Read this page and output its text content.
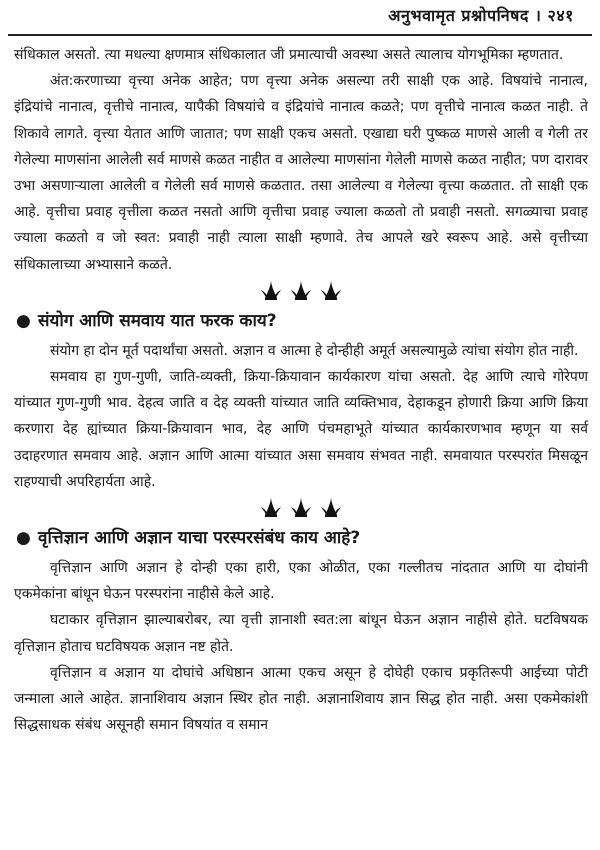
अनुभवामृत प्रश्नोपनिषद । २४१

संधिकाल असतो. त्या मधल्या क्षणमात्र संधिकालात जी प्रमात्याची अवस्था असते त्यालाच योगभूमिका म्हणतात.

अंत:करणाच्या वृत्त्या अनेक आहेत; पण वृत्त्या अनेक असल्या तरी साक्षी एक आहे. विषयांचे नानात्व, इंद्रियांचे नानात्व, वृत्तीचे नानात्व, यापैकी विषयांचे व इंद्रियांचे नानात्व कळते; पण वृत्तीचे नानात्व कळत नाही. ते शिकावे लागते. वृत्त्या येतात आणि जातात; पण साक्षी एकच असतो. एखाद्या घरी पुष्कळ माणसे आली व गेली तर गेलेल्या माणसांना आलेली सर्व माणसे कळत नाहीत व आलेल्या माणसांना गेलेली माणसे कळत नाहीत; पण दारावर उभा असणाऱ्याला आलेली व गेलेली सर्व माणसे कळतात. तसा आलेल्या व गेलेल्या वृत्त्या कळतात. तो साक्षी एक आहे. वृत्तीचा प्रवाह वृत्तीला कळत नसतो आणि वृत्तीचा प्रवाह ज्याला कळतो तो प्रवाही नसतो. सगळ्याचा प्रवाह ज्याला कळतो व जो स्वत: प्रवाही नाही त्याला साक्षी म्हणावे. तेच आपले खरे स्वरूप आहे. असे वृत्तीच्या संधिकालाच्या अभ्यासाने कळते.

● संयोग आणि समवाय यात फरक काय?

संयोग हा दोन मूर्त पदार्थांचा असतो. अज्ञान व आत्मा हे दोन्हीही अमूर्त असल्यामुळे त्यांचा संयोग होत नाही.

समवाय हा गुण-गुणी, जाति-व्यक्ती, क्रिया-क्रियावान कार्यकारण यांचा असतो. देह आणि त्याचे गोरेपण यांच्यात गुण-गुणी भाव. देहत्व जाति व देह व्यक्ती यांच्यात जाति व्यक्तिभाव, देहाकडून होणारी क्रिया आणि क्रिया करणारा देह ह्यांच्यात क्रिया-क्रियावान भाव, देह आणि पंचमहाभूते यांच्यात कार्यकारणभाव म्हणून या सर्व उदाहरणात समवाय आहे. अज्ञान आणि आत्मा यांच्यात असा समवाय संभवत नाही. समवायात परस्परांत मिसळून राहण्याची अपरिहार्यता आहे.

● वृत्तिज्ञान आणि अज्ञान याचा परस्परसंबंध काय आहे?

वृत्तिज्ञान आणि अज्ञान हे दोन्ही एका हारी, एका ओळीत, एका गल्लीतच नांदतात आणि या दोघांनी एकमेकांना बांधून घेऊन परस्परांना नाहीसे केले आहे.

घटाकार वृत्तिज्ञान झाल्याबरोबर, त्या वृत्ती ज्ञानाशी स्वत:ला बांधून घेऊन अज्ञान नाहीसे होते. घटविषयक वृत्तिज्ञान होताच घटविषयक अज्ञान नष्ट होते.

वृत्तिज्ञान व अज्ञान या दोघांचे अधिष्ठान आत्मा एकच असून हे दोघेही एकाच प्रकृतिरूपी आईच्या पोटी जन्माला आले आहेत. ज्ञानाशिवाय अज्ञान स्थिर होत नाही. अज्ञानाशिवाय ज्ञान सिद्ध होत नाही. असा एकमेकांशी सिद्धसाधक संबंध असूनही समान विषयांत व समान
